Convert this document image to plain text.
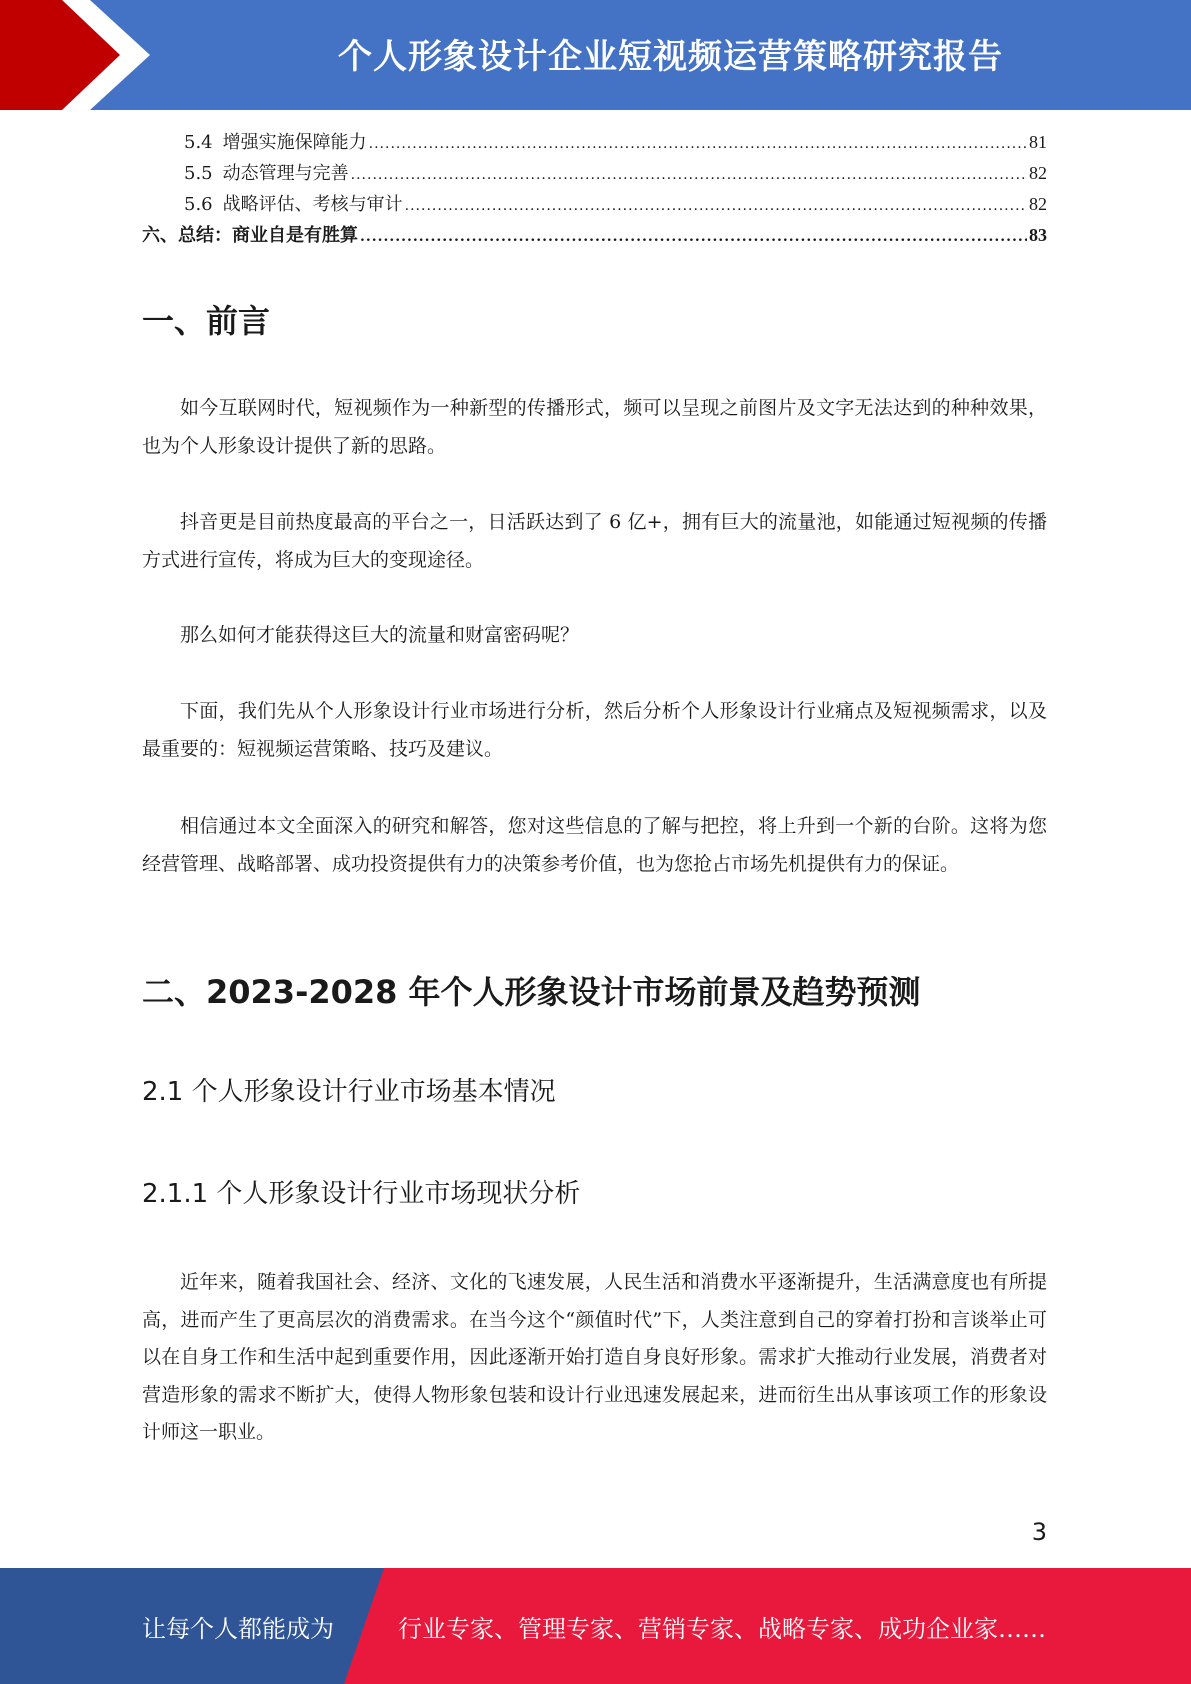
个人形象设计企业短视频运营策略研究报告
5.4 增强实施保障能力 .....	81
5.5 动态管理与完善 .....	82
5.6 战略评估、考核与审计 .....	82
六、总结：商业自是有胜算 .....	83
一、前言

如今互联网时代，短视频作为一种新型的传播形式，频可以呈现之前图片及文字无法达到的种种效果，也为个人形象设计提供了新的思路。

抖音更是目前热度最高的平台之一，日活跃达到了 6 亿+，拥有巨大的流量池，如能通过短视频的传播方式进行宣传，将成为巨大的变现途径。

那么如何才能获得这巨大的流量和财富密码呢？

下面，我们先从个人形象设计行业市场进行分析，然后分析个人形象设计行业痛点及短视频需求，以及最重要的：短视频运营策略、技巧及建议。

相信通过本文全面深入的研究和解答，您对这些信息的了解与把控，将上升到一个新的台阶。这将为您经营管理、战略部署、成功投资提供有力的决策参考价值，也为您抢占市场先机提供有力的保证。

二、2023-2028 年个人形象设计市场前景及趋势预测
2.1 个人形象设计行业市场基本情况
2.1.1 个人形象设计行业市场现状分析

近年来，随着我国社会、经济、文化的飞速发展，人民生活和消费水平逐渐提升，生活满意度也有所提高，进而产生了更高层次的消费需求。在当今这个“颜值时代”下，人类注意到自己的穿着打扮和言谈举止可以在自身工作和生活中起到重要作用，因此逐渐开始打造自身良好形象。需求扩大推动行业发展，消费者对营造形象的需求不断扩大，使得人物形象包装和设计行业迅速发展起来，进而衍生出从事该项工作的形象设计师这一职业。

3
让每个人都能成为	行业专家、管理专家、营销专家、战略专家、成功企业家……
